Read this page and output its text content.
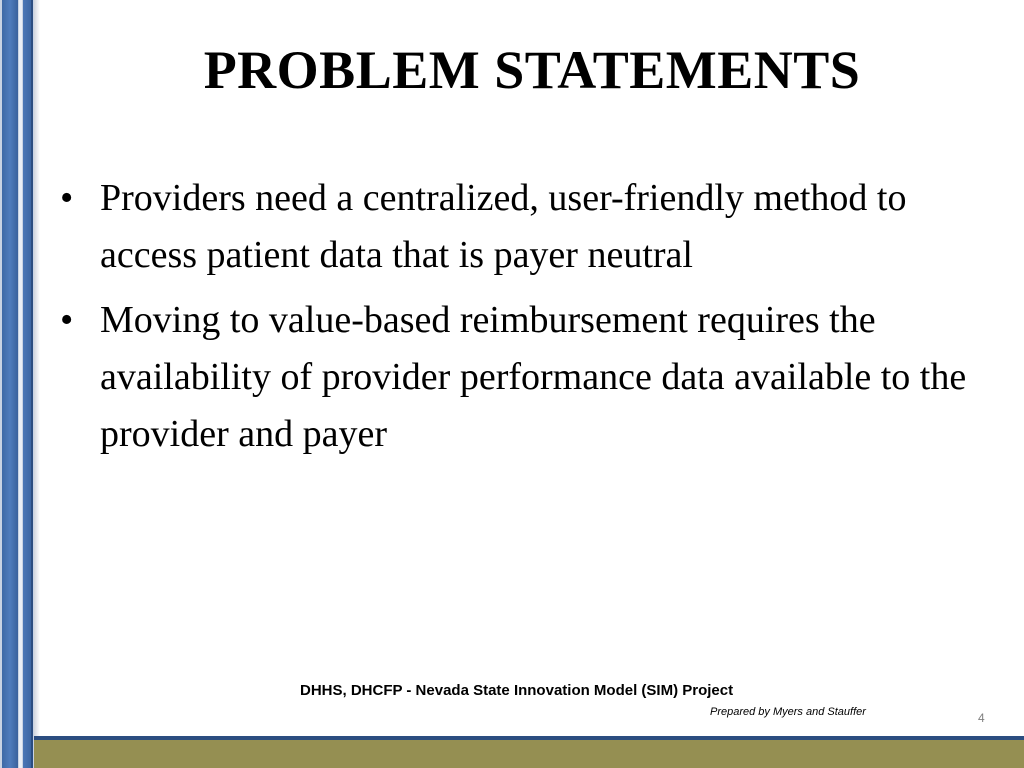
PROBLEM STATEMENTS
• Providers need a centralized, user-friendly method to access patient data that is payer neutral
• Moving to value-based reimbursement requires the availability of provider performance data available to the provider and payer
DHHS, DHCFP - Nevada State Innovation Model (SIM) Project
Prepared by Myers and Stauffer	4
